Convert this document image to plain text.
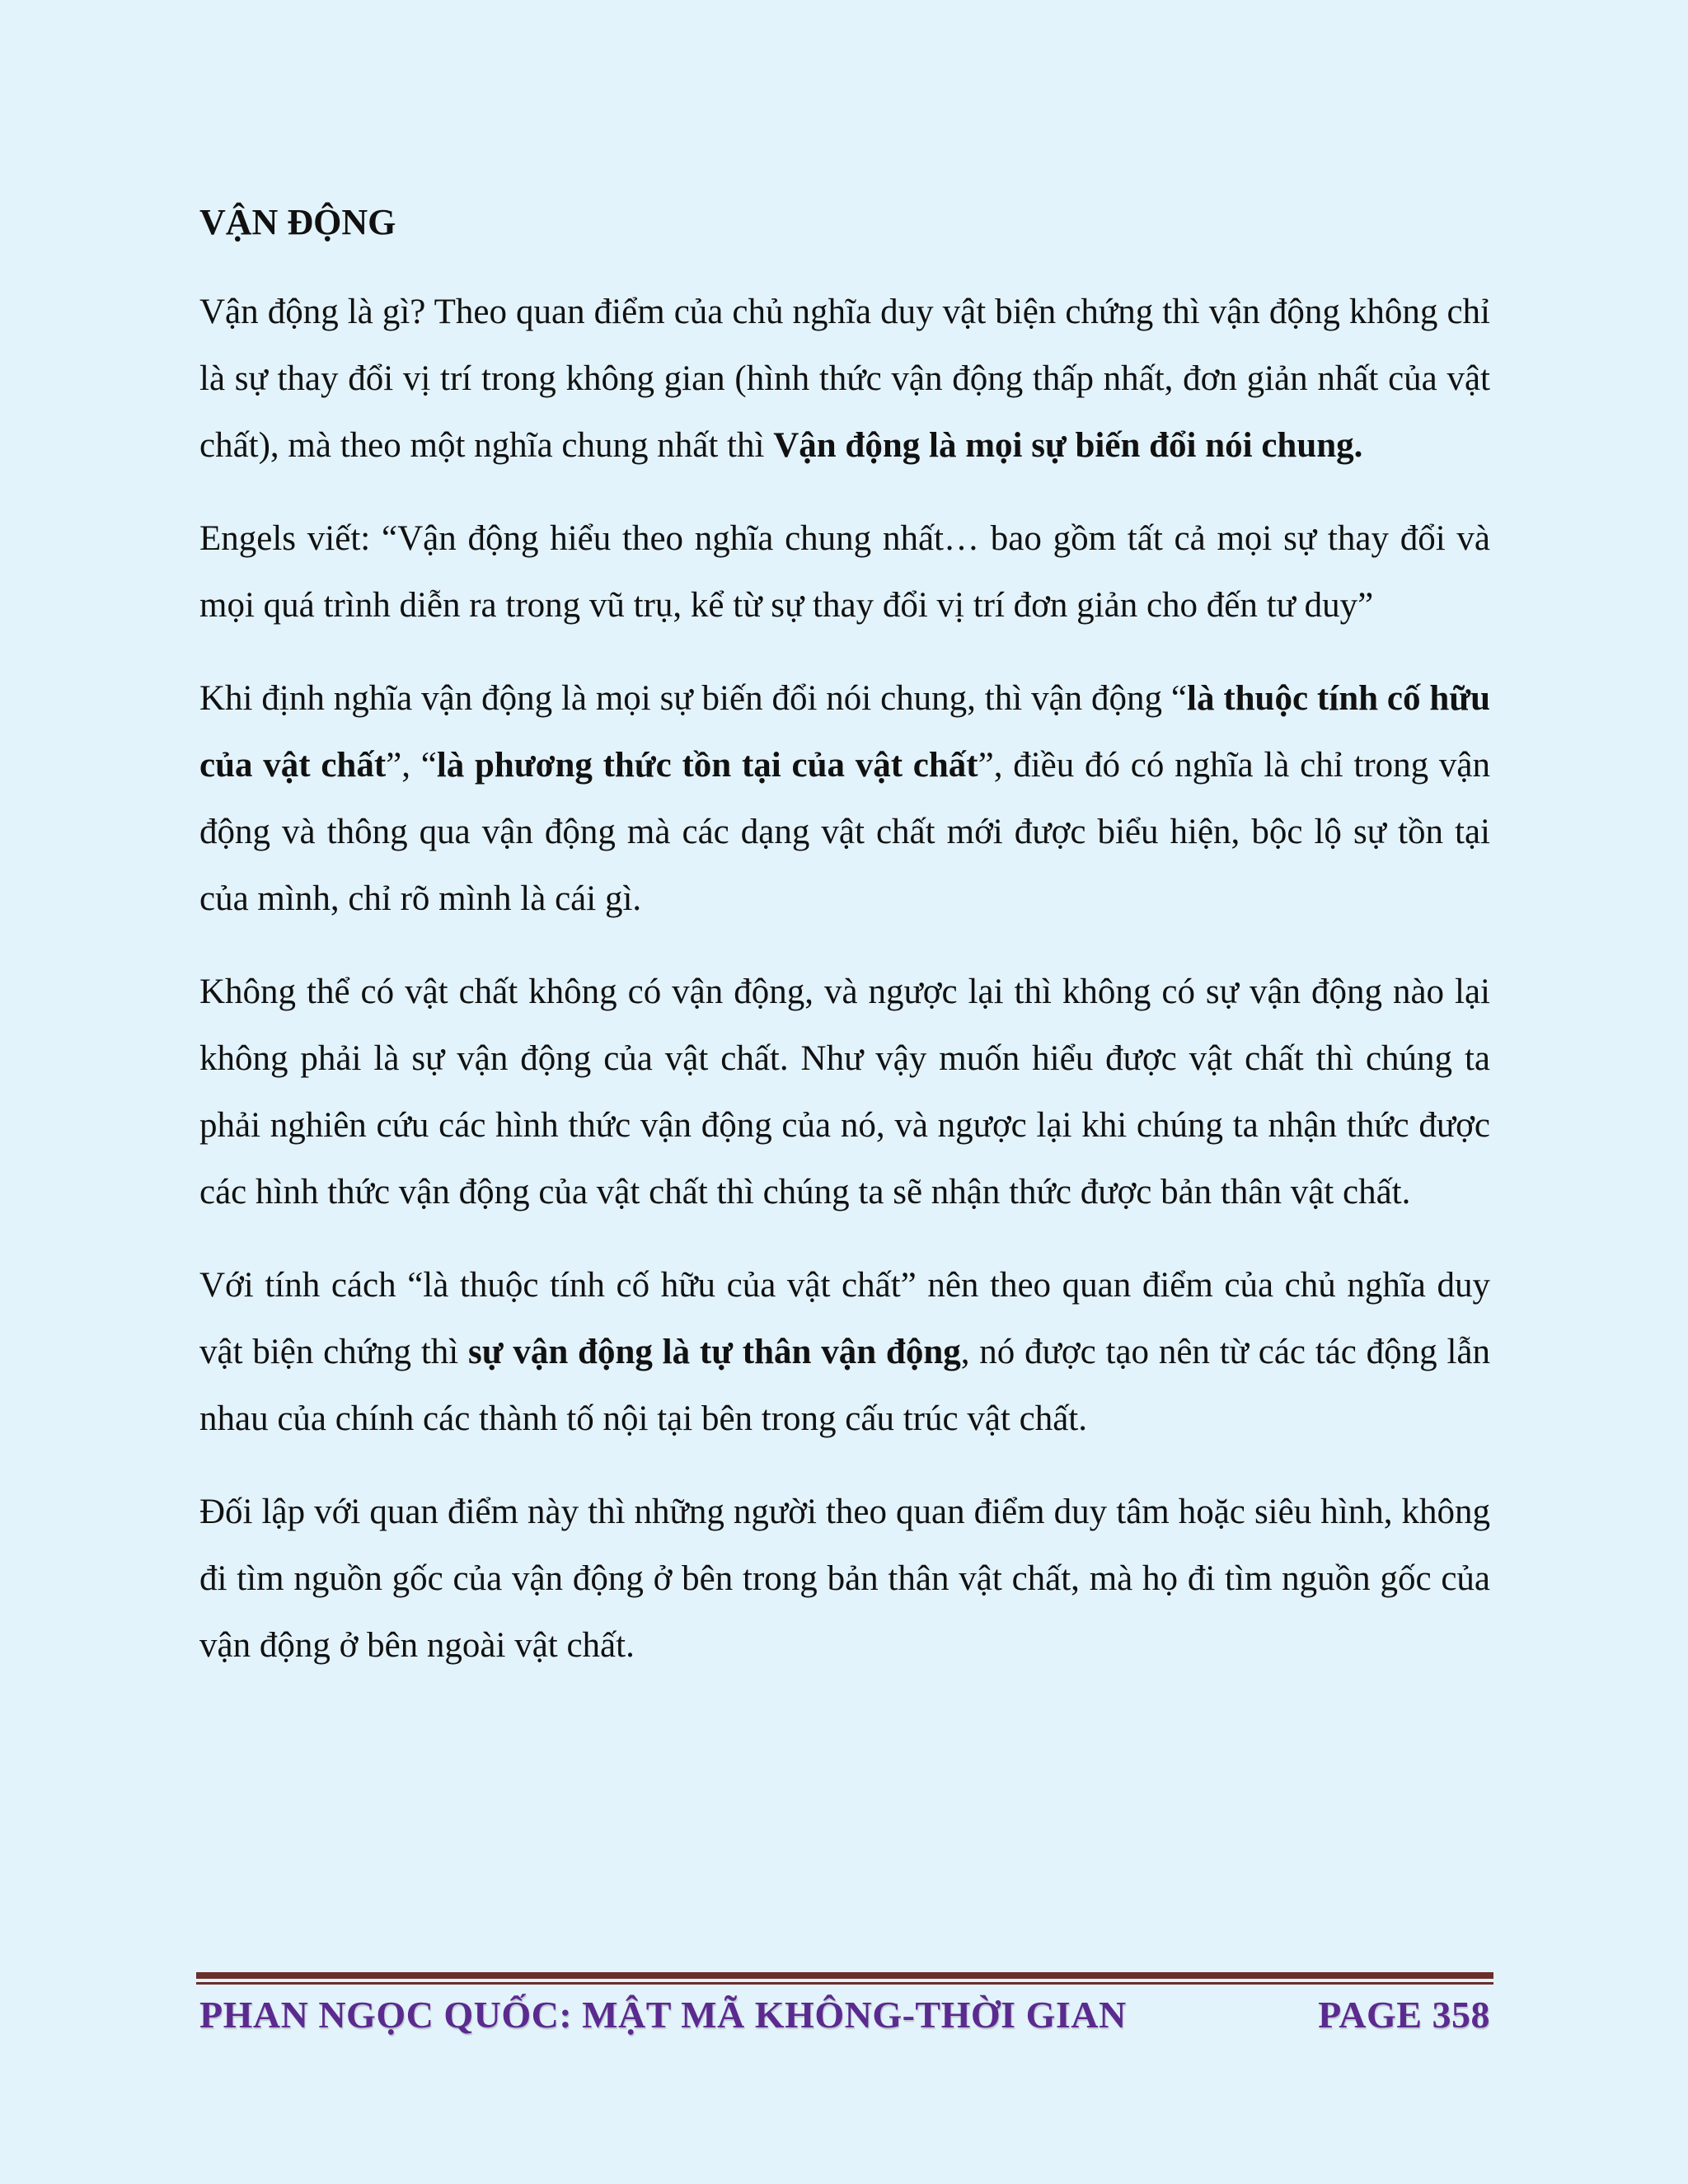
VẬN ĐỘNG

Vận động là gì? Theo quan điểm của chủ nghĩa duy vật biện chứng thì vận động không chỉ là sự thay đổi vị trí trong không gian (hình thức vận động thấp nhất, đơn giản nhất của vật chất), mà theo một nghĩa chung nhất thì Vận động là mọi sự biến đổi nói chung.

Engels viết: “Vận động hiểu theo nghĩa chung nhất… bao gồm tất cả mọi sự thay đổi và mọi quá trình diễn ra trong vũ trụ, kể từ sự thay đổi vị trí đơn giản cho đến tư duy”

Khi định nghĩa vận động là mọi sự biến đổi nói chung, thì vận động “là thuộc tính cố hữu của vật chất”, “là phương thức tồn tại của vật chất”, điều đó có nghĩa là chỉ trong vận động và thông qua vận động mà các dạng vật chất mới được biểu hiện, bộc lộ sự tồn tại của mình, chỉ rõ mình là cái gì.

Không thể có vật chất không có vận động, và ngược lại thì không có sự vận động nào lại không phải là sự vận động của vật chất. Như vậy muốn hiểu được vật chất thì chúng ta phải nghiên cứu các hình thức vận động của nó, và ngược lại khi chúng ta nhận thức được các hình thức vận động của vật chất thì chúng ta sẽ nhận thức được bản thân vật chất.

Với tính cách “là thuộc tính cố hữu của vật chất” nên theo quan điểm của chủ nghĩa duy vật biện chứng thì sự vận động là tự thân vận động, nó được tạo nên từ các tác động lẫn nhau của chính các thành tố nội tại bên trong cấu trúc vật chất.

Đối lập với quan điểm này thì những người theo quan điểm duy tâm hoặc siêu hình, không đi tìm nguồn gốc của vận động ở bên trong bản thân vật chất, mà họ đi tìm nguồn gốc của vận động ở bên ngoài vật chất.

PHAN NGỌC QUỐC: MẬT MÃ KHÔNG-THỜI GIAN	PAGE 358
